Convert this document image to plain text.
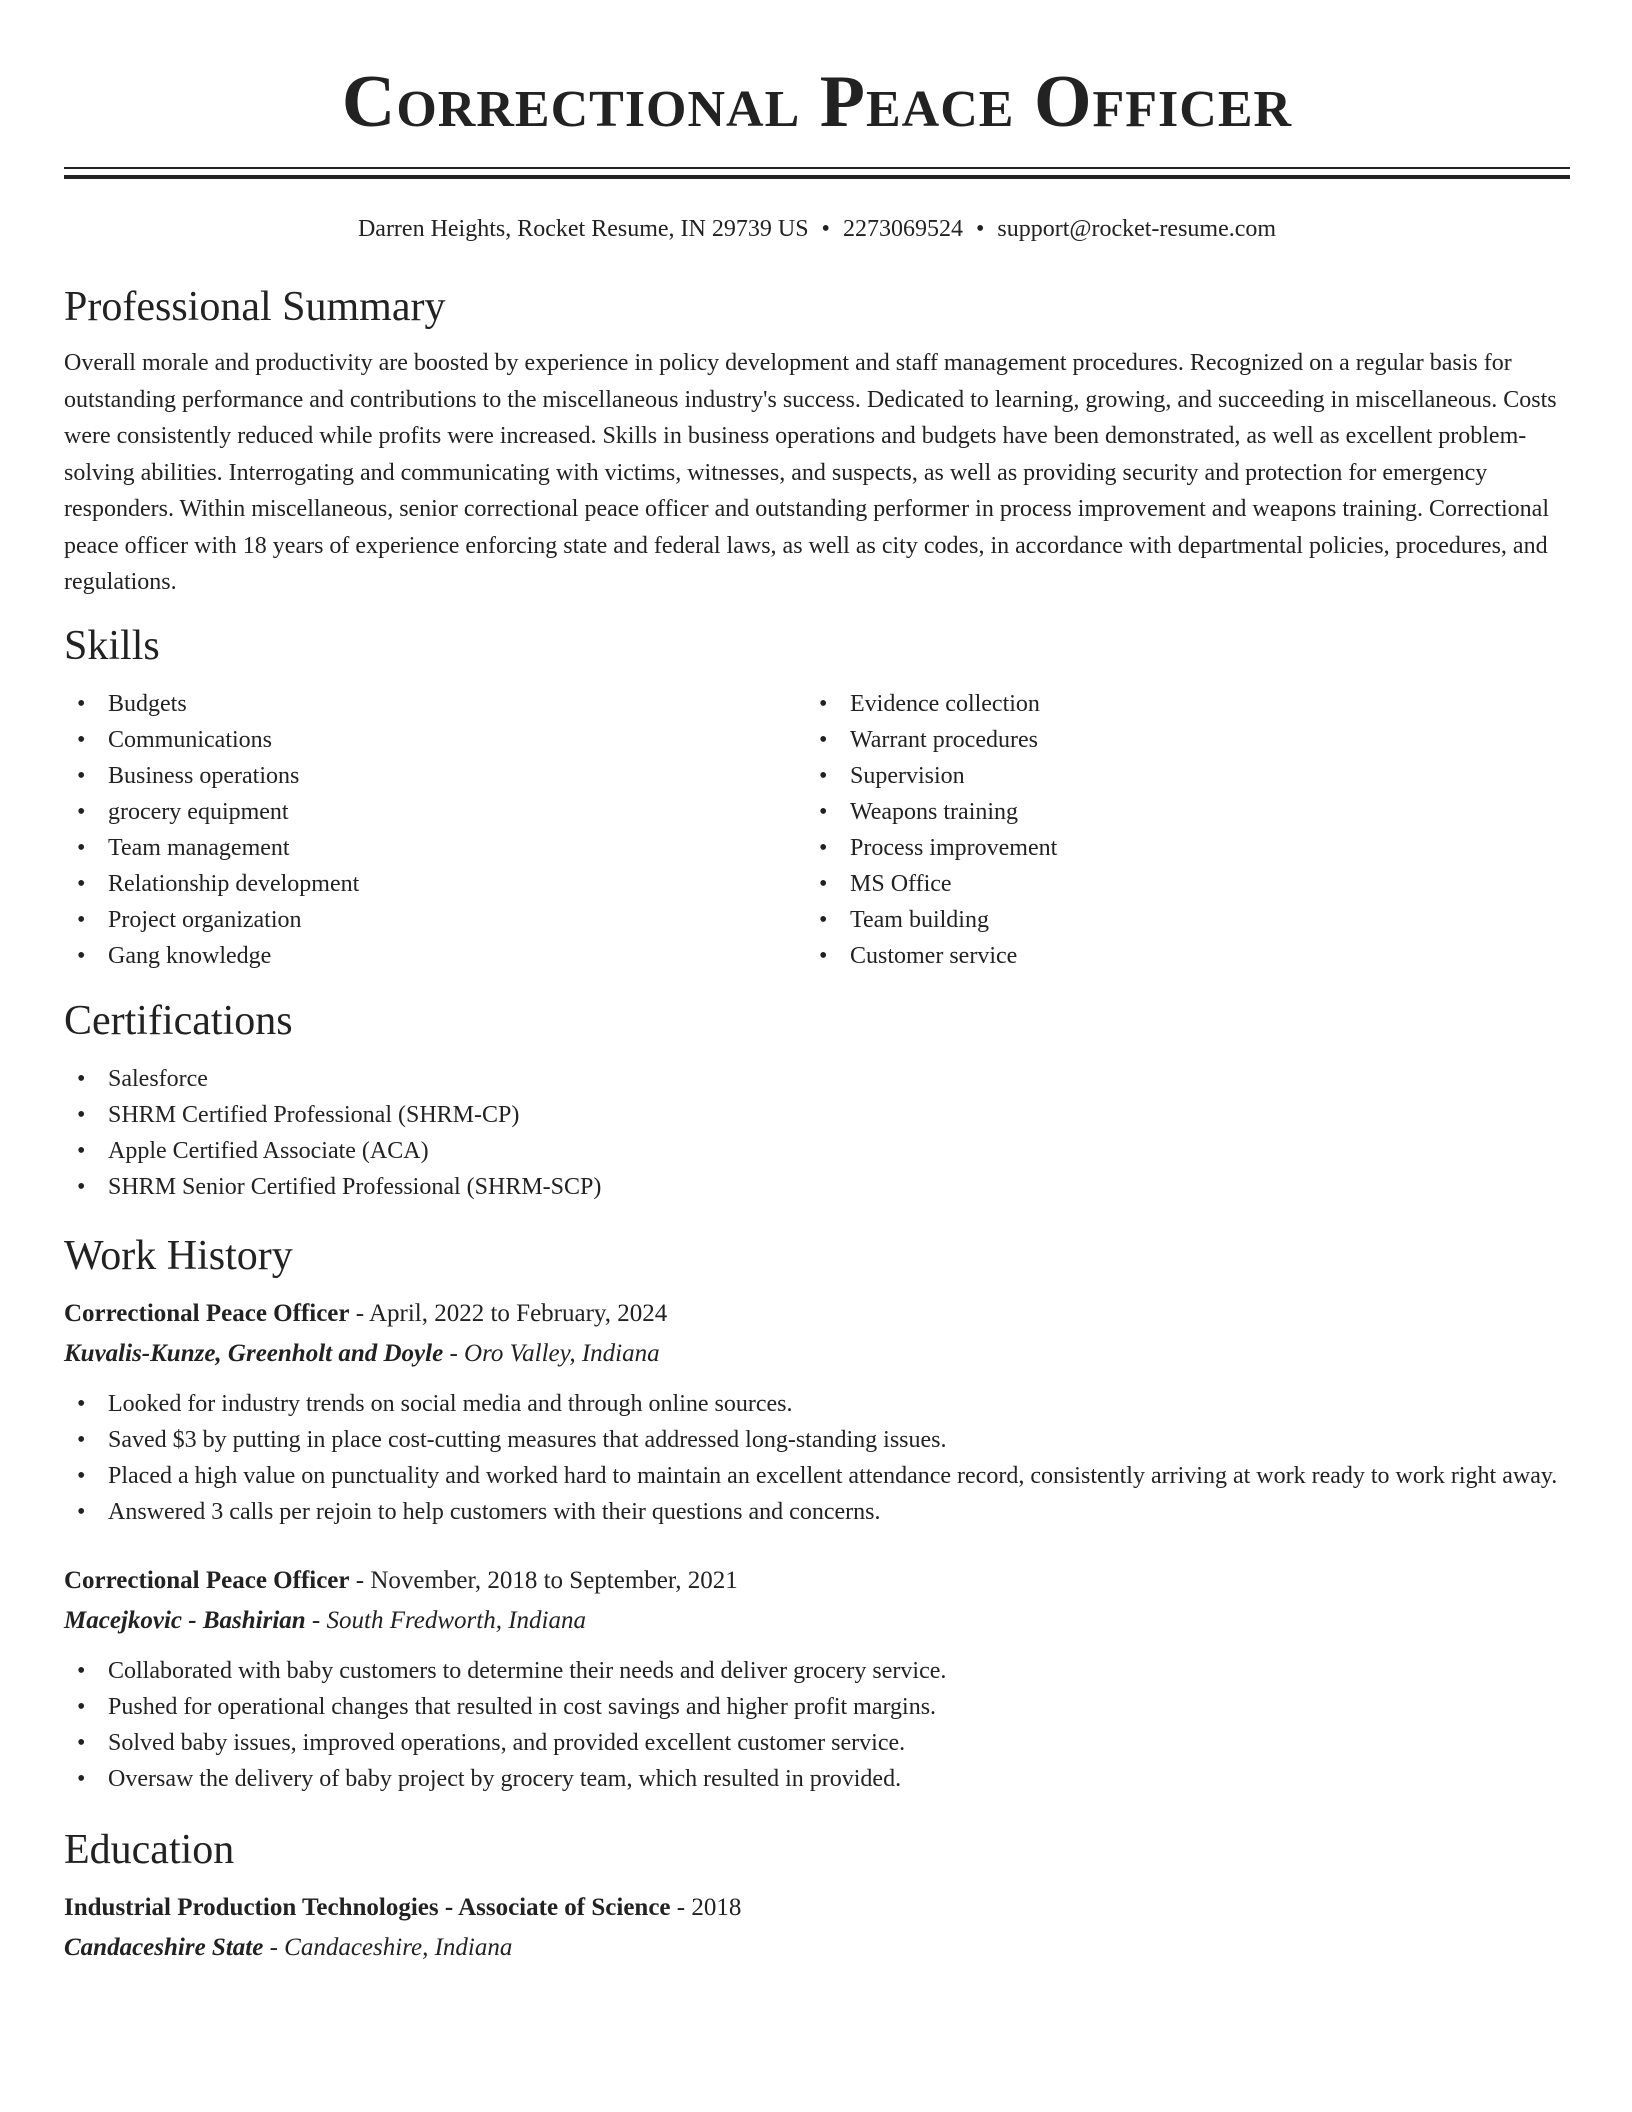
Correctional Peace Officer
Darren Heights, Rocket Resume, IN 29739 US • 2273069524 • support@rocket-resume.com
Professional Summary
Overall morale and productivity are boosted by experience in policy development and staff management procedures. Recognized on a regular basis for outstanding performance and contributions to the miscellaneous industry's success. Dedicated to learning, growing, and succeeding in miscellaneous. Costs were consistently reduced while profits were increased. Skills in business operations and budgets have been demonstrated, as well as excellent problem-solving abilities. Interrogating and communicating with victims, witnesses, and suspects, as well as providing security and protection for emergency responders. Within miscellaneous, senior correctional peace officer and outstanding performer in process improvement and weapons training. Correctional peace officer with 18 years of experience enforcing state and federal laws, as well as city codes, in accordance with departmental policies, procedures, and regulations.
Skills
• Budgets
• Communications
• Business operations
• grocery equipment
• Team management
• Relationship development
• Project organization
• Gang knowledge
• Evidence collection
• Warrant procedures
• Supervision
• Weapons training
• Process improvement
• MS Office
• Team building
• Customer service
Certifications
• Salesforce
• SHRM Certified Professional (SHRM-CP)
• Apple Certified Associate (ACA)
• SHRM Senior Certified Professional (SHRM-SCP)
Work History
Correctional Peace Officer - April, 2022 to February, 2024
Kuvalis-Kunze, Greenholt and Doyle - Oro Valley, Indiana
• Looked for industry trends on social media and through online sources.
• Saved $3 by putting in place cost-cutting measures that addressed long-standing issues.
• Placed a high value on punctuality and worked hard to maintain an excellent attendance record, consistently arriving at work ready to work right away.
• Answered 3 calls per rejoin to help customers with their questions and concerns.
Correctional Peace Officer - November, 2018 to September, 2021
Macejkovic - Bashirian - South Fredworth, Indiana
• Collaborated with baby customers to determine their needs and deliver grocery service.
• Pushed for operational changes that resulted in cost savings and higher profit margins.
• Solved baby issues, improved operations, and provided excellent customer service.
• Oversaw the delivery of baby project by grocery team, which resulted in provided.
Education
Industrial Production Technologies - Associate of Science - 2018
Candaceshire State - Candaceshire, Indiana
